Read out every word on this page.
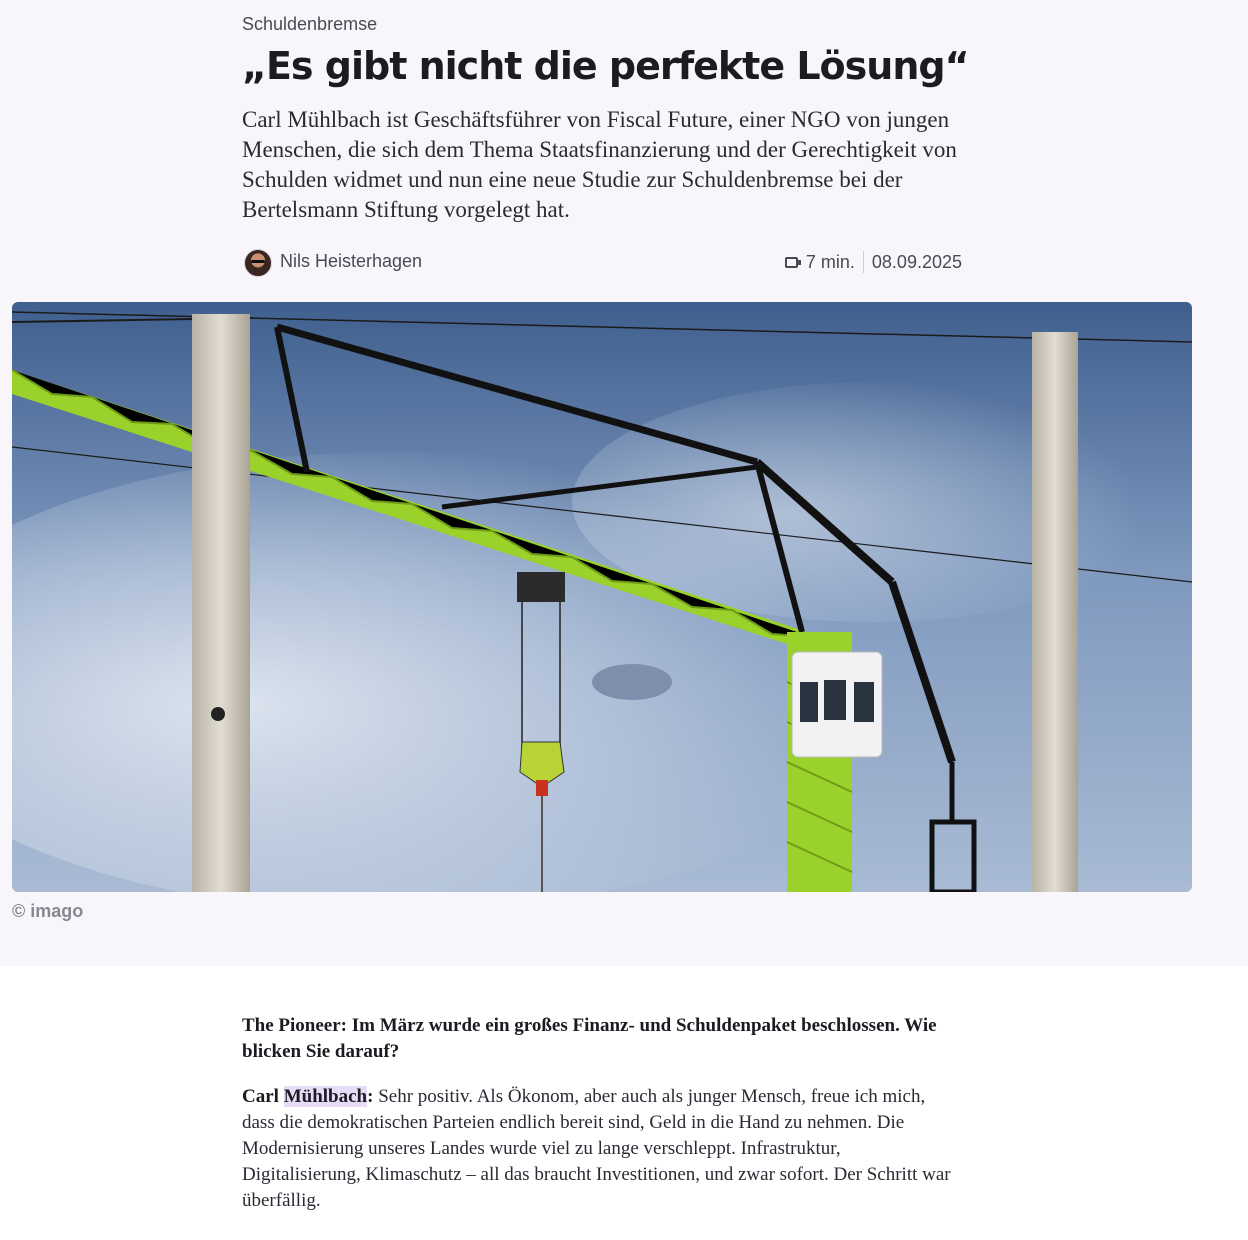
Schuldenbremse
„Es gibt nicht die perfekte Lösung“

Carl Mühlbach ist Geschäftsführer von Fiscal Future, einer NGO von jungen Menschen, die sich dem Thema Staatsfinanzierung und der Gerechtigkeit von Schulden widmet und nun eine neue Studie zur Schuldenbremse bei der Bertelsmann Stiftung vorgelegt hat.

Nils Heisterhagen	7 min. 08.09.2025
© imago

The Pioneer: Im März wurde ein großes Finanz- und Schuldenpaket beschlossen. Wie blicken Sie darauf?

Carl Mühlbach: Sehr positiv. Als Ökonom, aber auch als junger Mensch, freue ich mich, dass die demokratischen Parteien endlich bereit sind, Geld in die Hand zu nehmen. Die Modernisierung unseres Landes wurde viel zu lange verschleppt. Infrastruktur, Digitalisierung, Klimaschutz – all das braucht Investitionen, und zwar sofort. Der Schritt war überfällig.
